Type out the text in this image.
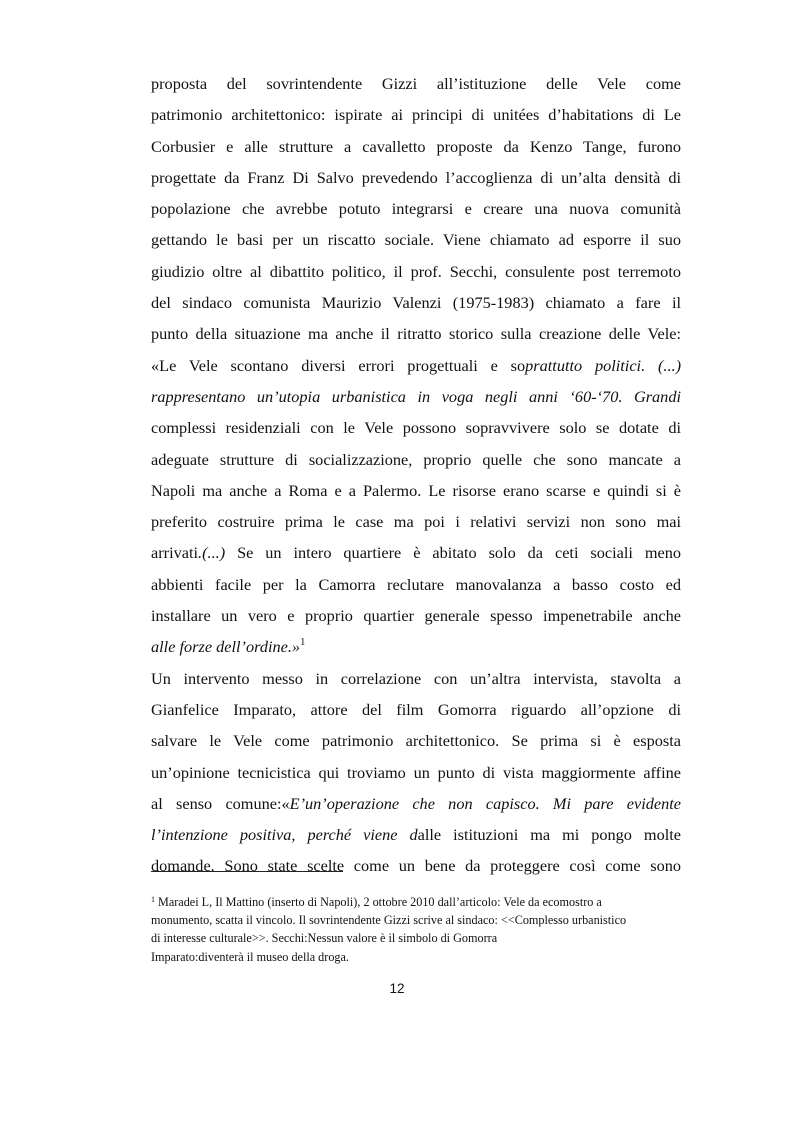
proposta del sovrintendente Gizzi all’istituzione delle Vele come
patrimonio architettonico: ispirate ai principi di unitées d’habitations di Le
Corbusier e alle strutture a cavalletto proposte da Kenzo Tange, furono
progettate da Franz Di Salvo prevedendo l’accoglienza di un’alta densità di
popolazione che avrebbe potuto integrarsi e creare una nuova comunità
gettando le basi per un riscatto sociale. Viene chiamato ad esporre il suo
giudizio oltre al dibattito politico, il prof. Secchi, consulente post terremoto
del sindaco comunista Maurizio Valenzi (1975-1983) chiamato a fare il
punto della situazione ma anche il ritratto storico sulla creazione delle Vele:
«Le Vele scontano diversi errori progettuali e soprattutto politici. (...)
rappresentano un’utopia urbanistica in voga negli anni ‘60-‘70. Grandi
complessi residenziali con le Vele possono sopravvivere solo se dotate di
adeguate strutture di socializzazione, proprio quelle che sono mancate a
Napoli ma anche a Roma e a Palermo. Le risorse erano scarse e quindi si è
preferito costruire prima le case ma poi i relativi servizi non sono mai
arrivati.(...) Se un intero quartiere è abitato solo da ceti sociali meno
abbienti facile per la Camorra reclutare manovalanza a basso costo ed
installare un vero e proprio quartier generale spesso impenetrabile anche
alle forze dell’ordine.»$^1$
Un intervento messo in correlazione con un’altra intervista, stavolta a
Gianfelice Imparato, attore del film Gomorra riguardo all’opzione di
salvare le Vele come patrimonio architettonico. Se prima si è esposta
un’opinione tecnicistica qui troviamo un punto di vista maggiormente affine
al senso comune:«E’un’operazione che non capisco. Mi pare evidente
l’intenzione positiva, perché viene dalle istituzioni ma mi pongo molte
domande. Sono state scelte come un bene da proteggere così come sono
$^1$ Maradei L, Il Mattino (inserto di Napoli), 2 ottobre 2010 dall’articolo: Vele da ecomostro a
monumento, scatta il vincolo. Il sovrintendente Gizzi scrive al sindaco: <<Complesso urbanistico
di interesse culturale>>. Secchi:Nessun valore è il simbolo di Gomorra
Imparato:diventerà il museo della droga.
12
